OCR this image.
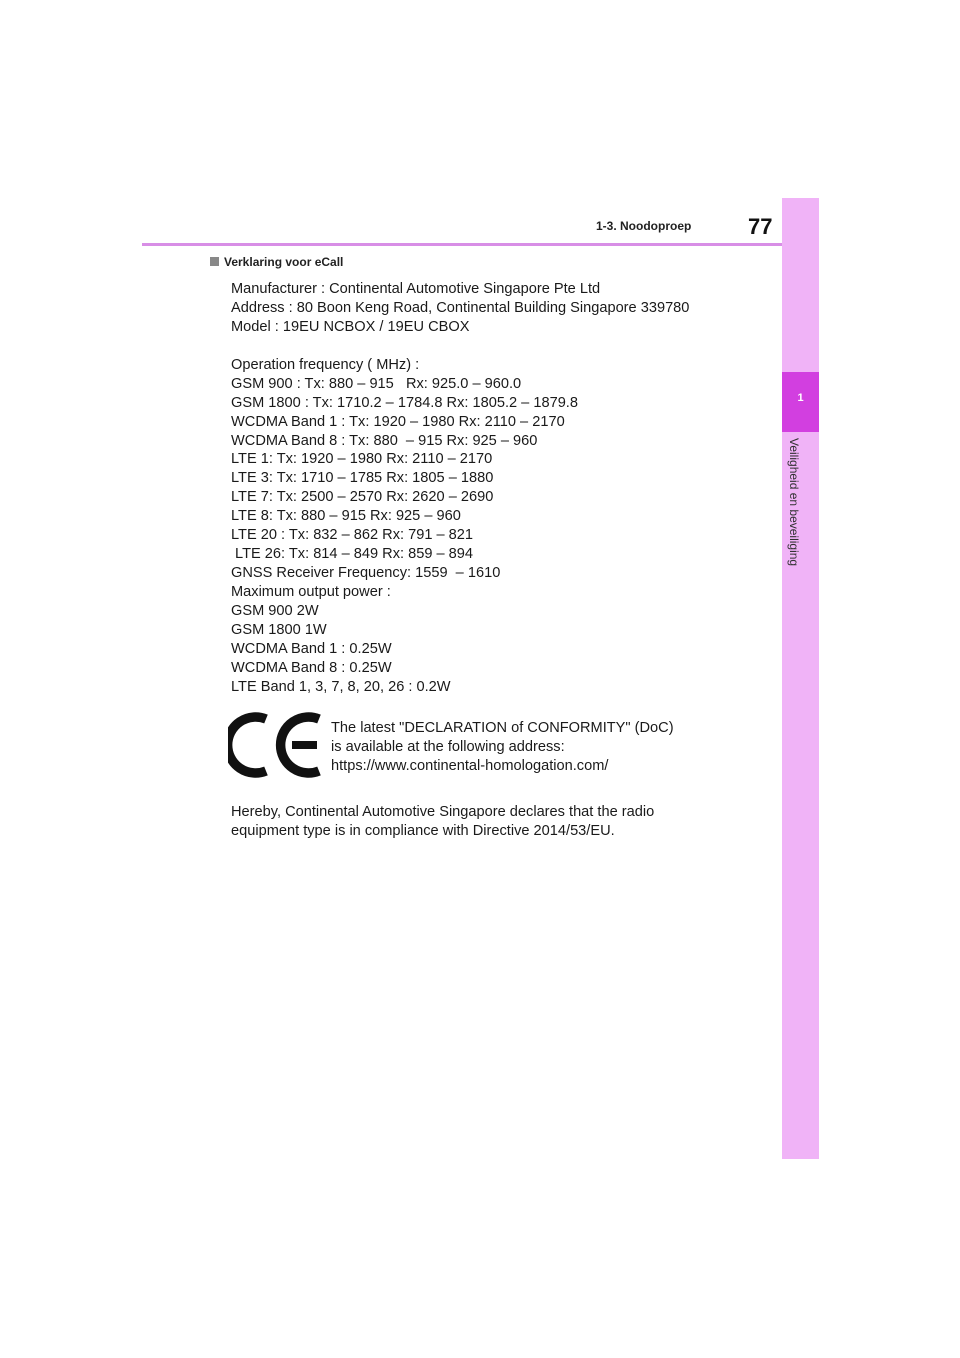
1-3. Noodoproep	77
1
Veiligheid en beveiliging
Verklaring voor eCall
Manufacturer : Continental Automotive Singapore Pte Ltd
Address : 80 Boon Keng Road, Continental Building Singapore 339780
Model : 19EU NCBOX / 19EU CBOX
Operation frequency ( MHz) :
GSM 900 : Tx: 880 – 915   Rx: 925.0 – 960.0
GSM 1800 : Tx: 1710.2 – 1784.8 Rx: 1805.2 – 1879.8
WCDMA Band 1 : Tx: 1920 – 1980 Rx: 2110 – 2170
WCDMA Band 8 : Tx: 880  – 915 Rx: 925 – 960
LTE 1: Tx: 1920 – 1980 Rx: 2110 – 2170
LTE 3: Tx: 1710 – 1785 Rx: 1805 – 1880
LTE 7: Tx: 2500 – 2570 Rx: 2620 – 2690
LTE 8: Tx: 880 – 915 Rx: 925 – 960
LTE 20 : Tx: 832 – 862 Rx: 791 – 821
LTE 26: Tx: 814 – 849 Rx: 859 – 894
GNSS Receiver Frequency: 1559  – 1610
Maximum output power :
GSM 900 2W
GSM 1800 1W
WCDMA Band 1 : 0.25W
WCDMA Band 8 : 0.25W
LTE Band 1, 3, 7, 8, 20, 26 : 0.2W
The latest "DECLARATION of CONFORMITY" (DoC)
is available at the following address:
https://www.continental-homologation.com/
Hereby, Continental Automotive Singapore declares that the radio
equipment type is in compliance with Directive 2014/53/EU.
